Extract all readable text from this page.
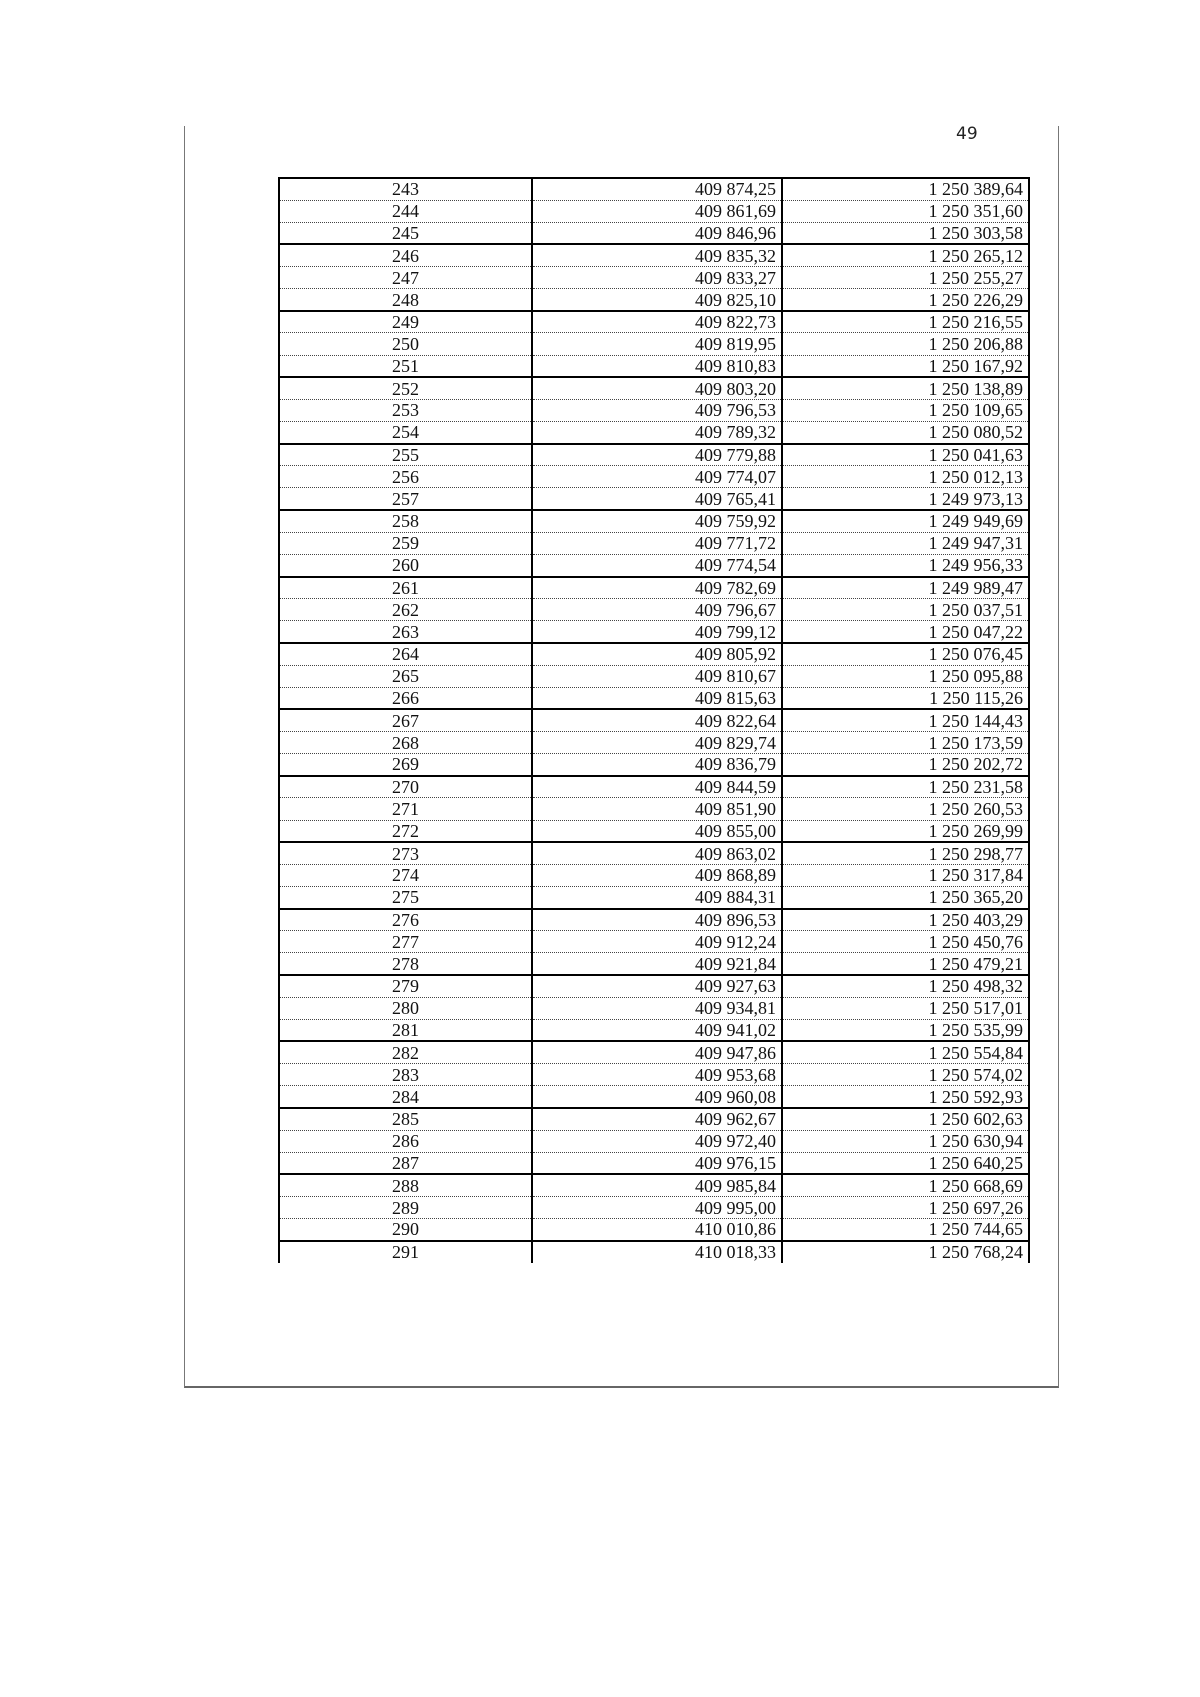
49
243	409 874,25	1 250 389,64
244	409 861,69	1 250 351,60
245	409 846,96	1 250 303,58
246	409 835,32	1 250 265,12
247	409 833,27	1 250 255,27
248	409 825,10	1 250 226,29
249	409 822,73	1 250 216,55
250	409 819,95	1 250 206,88
251	409 810,83	1 250 167,92
252	409 803,20	1 250 138,89
253	409 796,53	1 250 109,65
254	409 789,32	1 250 080,52
255	409 779,88	1 250 041,63
256	409 774,07	1 250 012,13
257	409 765,41	1 249 973,13
258	409 759,92	1 249 949,69
259	409 771,72	1 249 947,31
260	409 774,54	1 249 956,33
261	409 782,69	1 249 989,47
262	409 796,67	1 250 037,51
263	409 799,12	1 250 047,22
264	409 805,92	1 250 076,45
265	409 810,67	1 250 095,88
266	409 815,63	1 250 115,26
267	409 822,64	1 250 144,43
268	409 829,74	1 250 173,59
269	409 836,79	1 250 202,72
270	409 844,59	1 250 231,58
271	409 851,90	1 250 260,53
272	409 855,00	1 250 269,99
273	409 863,02	1 250 298,77
274	409 868,89	1 250 317,84
275	409 884,31	1 250 365,20
276	409 896,53	1 250 403,29
277	409 912,24	1 250 450,76
278	409 921,84	1 250 479,21
279	409 927,63	1 250 498,32
280	409 934,81	1 250 517,01
281	409 941,02	1 250 535,99
282	409 947,86	1 250 554,84
283	409 953,68	1 250 574,02
284	409 960,08	1 250 592,93
285	409 962,67	1 250 602,63
286	409 972,40	1 250 630,94
287	409 976,15	1 250 640,25
288	409 985,84	1 250 668,69
289	409 995,00	1 250 697,26
290	410 010,86	1 250 744,65
291	410 018,33	1 250 768,24
